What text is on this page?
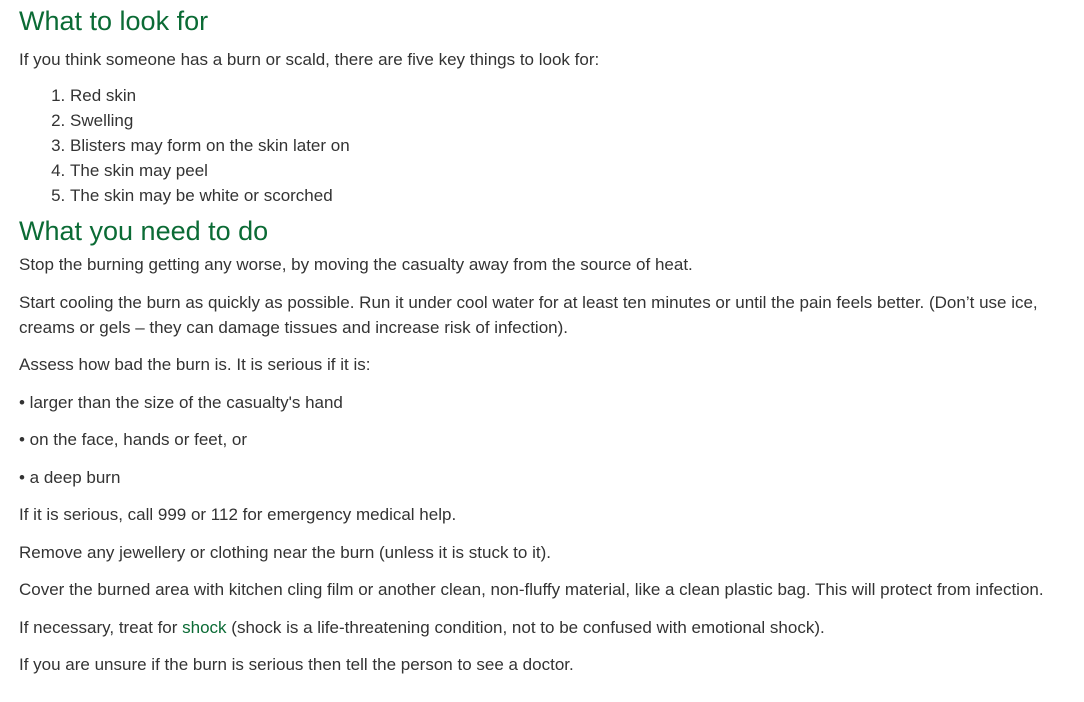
What to look for

If you think someone has a burn or scald, there are five key things to look for:

1. Red skin
2. Swelling
3. Blisters may form on the skin later on
4. The skin may peel
5. The skin may be white or scorched
What you need to do

Stop the burning getting any worse, by moving the casualty away from the source of heat.

Start cooling the burn as quickly as possible. Run it under cool water for at least ten minutes or until the pain feels better. (Don’t use ice, creams or gels – they can damage tissues and increase risk of infection).

Assess how bad the burn is. It is serious if it is:

• larger than the size of the casualty's hand

• on the face, hands or feet, or

• a deep burn

If it is serious, call 999 or 112 for emergency medical help.

Remove any jewellery or clothing near the burn (unless it is stuck to it).

Cover the burned area with kitchen cling film or another clean, non-fluffy material, like a clean plastic bag. This will protect from infection.

If necessary, treat for shock (shock is a life-threatening condition, not to be confused with emotional shock).

If you are unsure if the burn is serious then tell the person to see a doctor.
